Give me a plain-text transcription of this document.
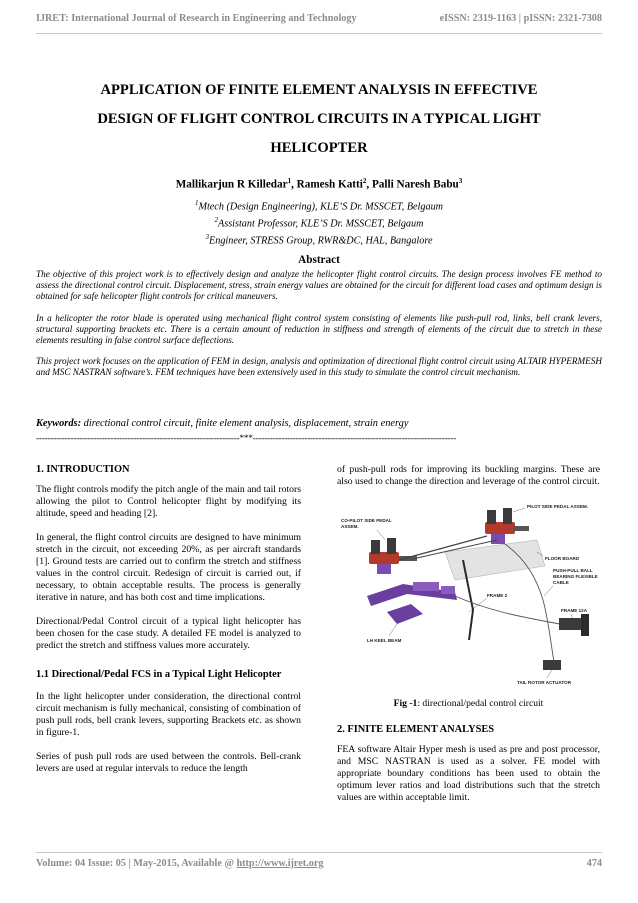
IJRET: International Journal of Research in Engineering and Technology	eISSN: 2319-1163 | pISSN: 2321-7308
APPLICATION OF FINITE ELEMENT ANALYSIS IN EFFECTIVE
DESIGN OF FLIGHT CONTROL CIRCUITS IN A TYPICAL LIGHT
HELICOPTER
Mallikarjun R Killedar$^1$, Ramesh Katti$^2$, Palli Naresh Babu$^3$
$^1$Mtech (Design Engineering), KLE’S Dr. MSSCET, Belgaum
$^2$Assistant Professor, KLE’S Dr. MSSCET, Belgaum
$^3$Engineer, STRESS Group, RWR&DC, HAL, Bangalore
Abstract

The objective of this project work is to effectively design and analyze the helicopter flight control circuits. The design process involves FE method to assess the directional control circuit. Displacement, stress, strain energy values are obtained for the circuit for different load cases and optimum design is obtained for safe helicopter flight controls for critical maneuvers.

In a helicopter the rotor blade is operated using mechanical flight control system consisting of elements like push-pull rod, links, bell crank levers, structural supporting brackets etc. There is a certain amount of reduction in stiffness and strength of elements of the circuit due to stretch in these elements resulting in false control surface deflections.

This project work focuses on the application of FEM in design, analysis and optimization of directional flight control circuit using ALTAIR HYPERMESH and MSC NASTRAN software’s. FEM techniques have been extensively used in this study to simulate the control circuit mechanism.

Keywords: directional control circuit, finite element analysis, displacement, strain energy
-----------------------------------------------------------------------***-----------------------------------------------------------------------
1. INTRODUCTION

The flight controls modify the pitch angle of the main and tail rotors allowing the pilot to Control helicopter flight by modifying its altitude, speed and heading [2].

In general, the flight control circuits are designed to have minimum stretch in the circuit, not exceeding 20%, as per aircraft standards [1]. Ground tests are carried out to confirm the stretch and stiffness values in the control circuit. Redesign of circuit is carried out, if necessary, to obtain acceptable results. The process is generally iterative in nature, and has both cost and time implications.

Directional/Pedal Control circuit of a typical light helicopter has been chosen for the case study. A detailed FE model is analyzed to predict the stretch and stiffness values more accurately.

1.1 Directional/Pedal FCS in a Typical Light Helicopter

In the light helicopter under consideration, the directional control circuit mechanism is fully mechanical, consisting of combination of push pull rods, bell crank levers, supporting Brackets etc. as shown in figure-1.

Series of push pull rods are used between the controls. Bell-crank levers are used at regular intervals to reduce the length

of push-pull rods for improving its buckling margins. These are also used to change the direction and leverage of the control circuit.

PILOT SIDE PEDAL ASSEM.
CO-PILOT SIDE PEDAL
ASSEM.
FLOOR BOARD
PUSH-PULL BALL
BEARING FLEXIBLE
CABLE
FRAME 2
FRAME 12A
LH KEEL BEAM
TAIL ROTOR ACTUATOR
Fig -1: directional/pedal control circuit
2. FINITE ELEMENT ANALYSES

FEA software Altair Hyper mesh is used as pre and post processor, and MSC NASTRAN is used as a solver. FE model with appropriate boundary conditions has been used to obtain the optimum lever ratios and load distributions such that the stretch values are within acceptable limit.

Volume: 04 Issue: 05 | May-2015, Available @ http://www.ijret.org	474
